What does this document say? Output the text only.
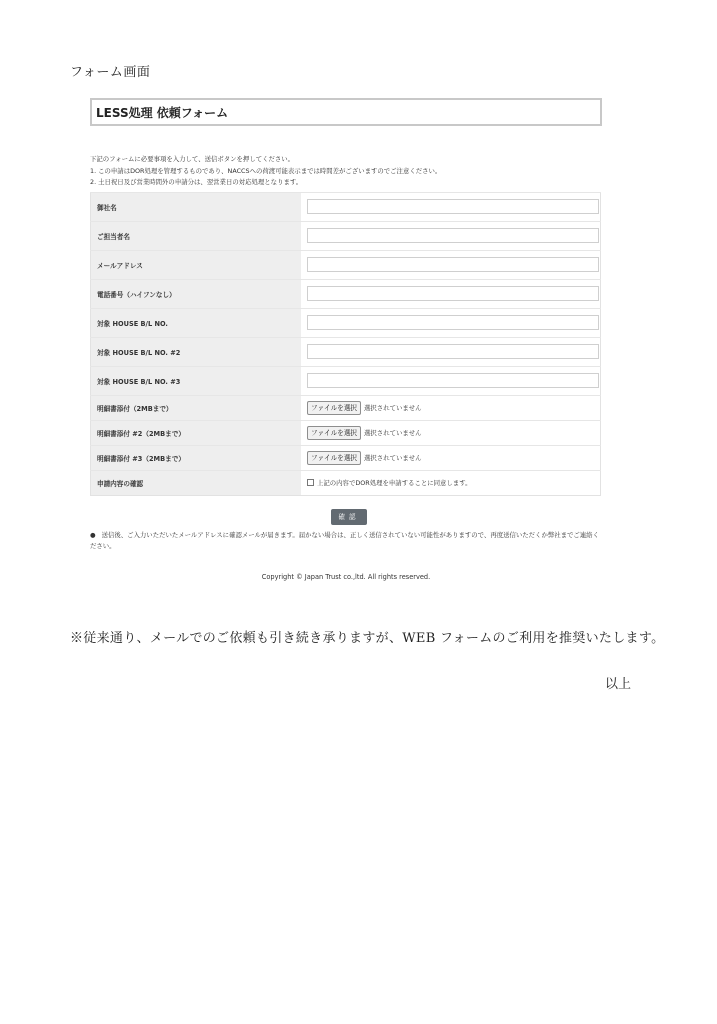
フォーム画面
LESS処理 依頼フォーム
下記のフォームに必要事項を入力して、送信ボタンを押してください。
1. この申請はDOR処理を管理するものであり、NACCSへの荷渡可能表示までは時間差がございますのでご注意ください。
2. 土日祝日及び営業時間外の申請分は、翌営業日の対応処理となります。
御社名	

ご担当者名	

メールアドレス	

電話番号（ハイフンなし）	

対象 HOUSE B/L NO.	

対象 HOUSE B/L NO. #2	

対象 HOUSE B/L NO. #3	

明細書添付（2MBまで）	ファイルを選択 選択されていません

明細書添付 #2（2MBまで）	ファイルを選択 選択されていません

明細書添付 #3（2MBまで）	ファイルを選択 選択されていません

申請内容の確認	上記の内容でDOR処理を申請することに同意します。
確認
● 送信後、ご入力いただいたメールアドレスに確認メールが届きます。届かない場合は、正しく送信されていない可能性がありますので、再度送信いただくか弊社までご連絡ください。
Copyright © Japan Trust co.,ltd. All rights reserved.
※従来通り、メールでのご依頼も引き続き承りますが、WEB フォームのご利用を推奨いたします。
以上
